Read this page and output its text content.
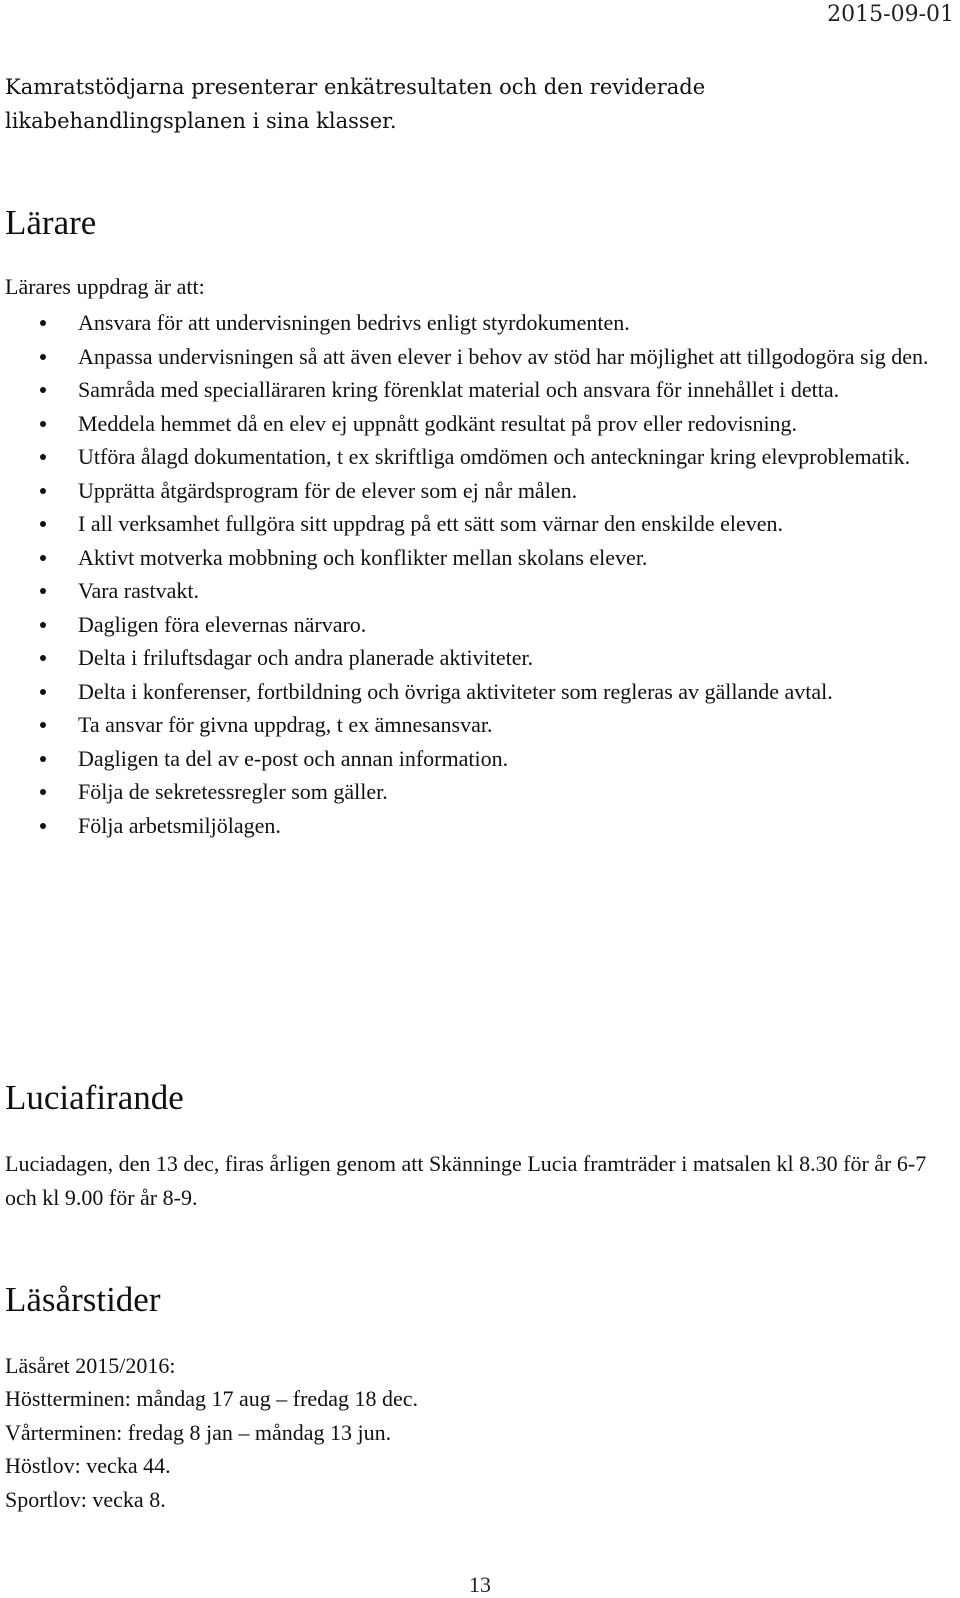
2015-09-01

Kamratstödjarna presenterar enkätresultaten och den reviderade likabehandlingsplanen i sina klasser.

Lärare

Lärares uppdrag är att:

Ansvara för att undervisningen bedrivs enligt styrdokumenten.
Anpassa undervisningen så att även elever i behov av stöd har möjlighet att tillgodogöra sig den.
Samråda med specialläraren kring förenklat material och ansvara för innehållet i detta.
Meddela hemmet då en elev ej uppnått godkänt resultat på prov eller redovisning.
Utföra ålagd dokumentation, t ex skriftliga omdömen och anteckningar kring elevproblematik.
Upprätta åtgärdsprogram för de elever som ej når målen.
I all verksamhet fullgöra sitt uppdrag på ett sätt som värnar den enskilde eleven.
Aktivt motverka mobbning och konflikter mellan skolans elever.
Vara rastvakt.
Dagligen föra elevernas närvaro.
Delta i friluftsdagar och andra planerade aktiviteter.
Delta i konferenser, fortbildning och övriga aktiviteter som regleras av gällande avtal.
Ta ansvar för givna uppdrag, t ex ämnesansvar.
Dagligen ta del av e-post och annan information.
Följa de sekretessregler som gäller.
Följa arbetsmiljölagen.
Luciafirande

Luciadagen, den 13 dec, firas årligen genom att Skänninge Lucia framträder i matsalen kl 8.30 för år 6-7 och kl 9.00 för år 8-9.

Läsårstider
Läsåret 2015/2016:
Höstterminen: måndag 17 aug – fredag 18 dec.
Vårterminen: fredag 8 jan – måndag 13 jun.
Höstlov: vecka 44.
Sportlov: vecka 8.
13
